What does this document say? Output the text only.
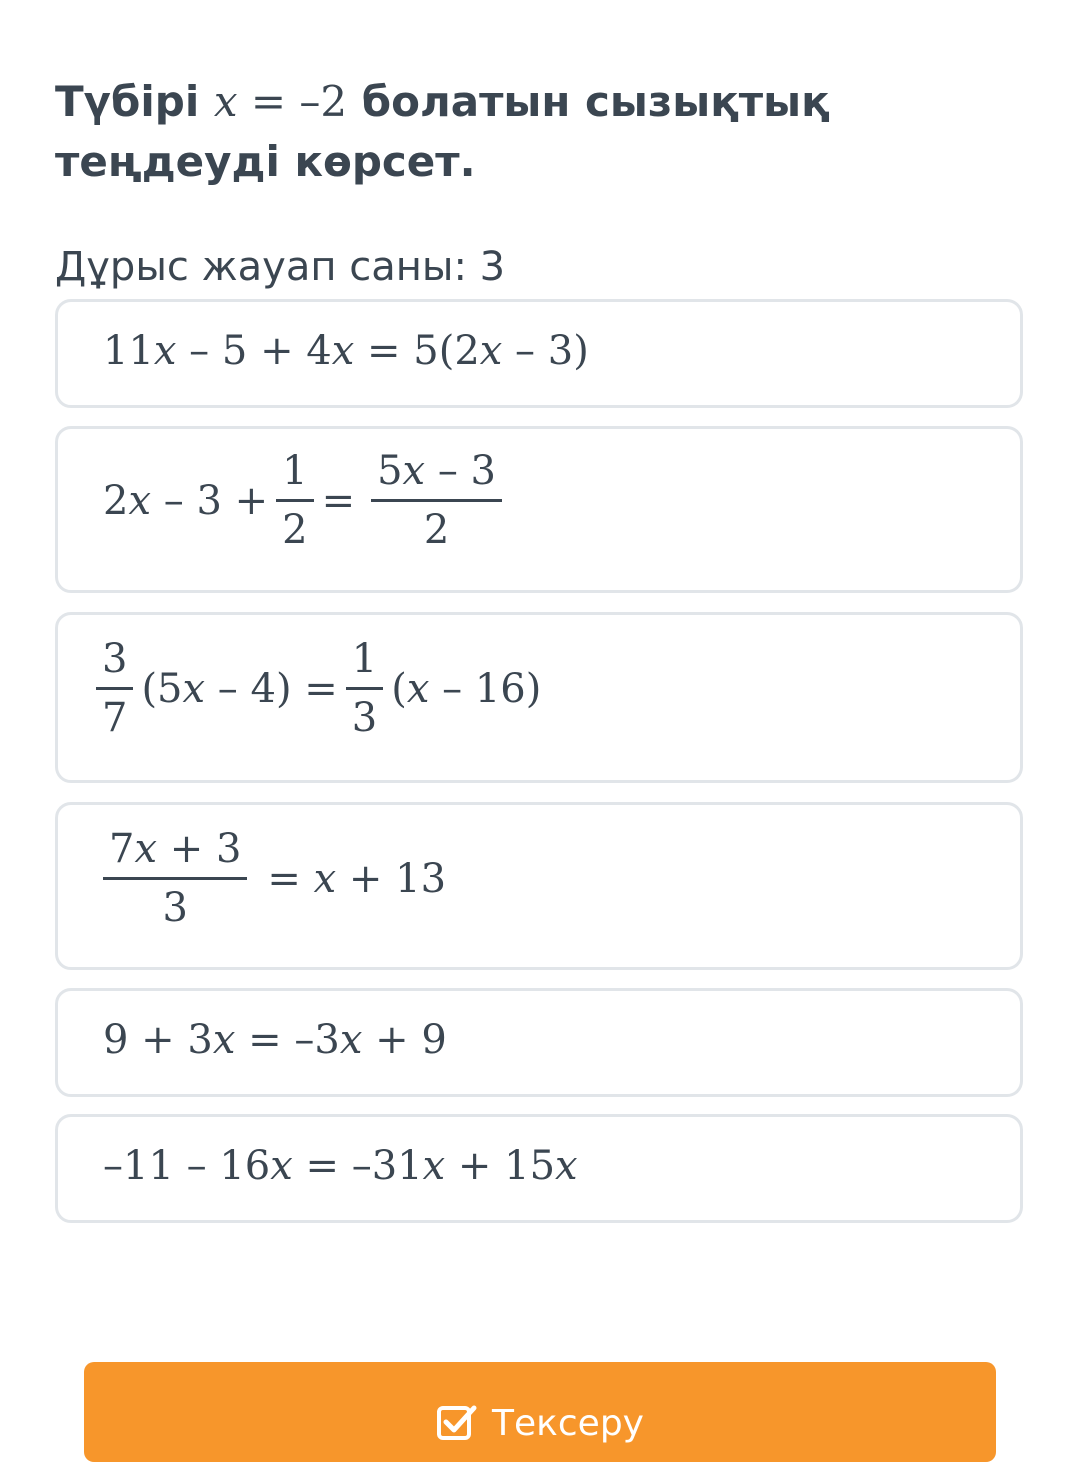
Түбірі x = –2 болатын сызықтық теңдеуді көрсет.
Дұрыс жауап саны: 3
11 x – 5 + 4 x = 5(2 x – 3)
2 $x - 3 + \frac{1}{2} = \frac{5x - 3}{2}$
$\frac{3}{7} (5$ $x - 4) = \frac{1}{3}$ ( x – 16)
$\frac{7x + 3}{3} = x + 13$
9 + 3 x = –3 x + 9
–11 – 16 x = –31 x + 15 x
Тексеру
